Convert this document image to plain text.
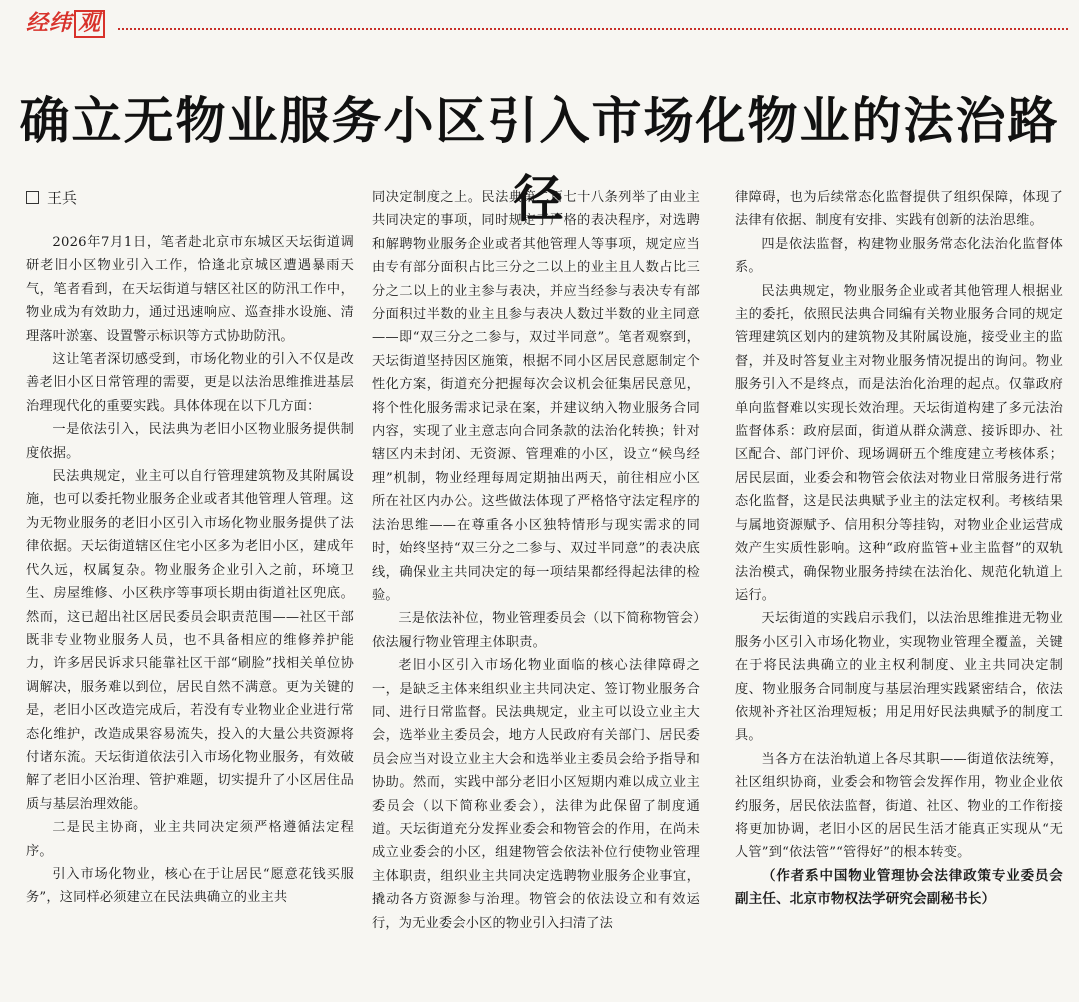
经纬 观
确立无物业服务小区引入市场化物业的法治路径
王兵

2026年7月1日，笔者赴北京市东城区天坛街道调研老旧小区物业引入工作，恰逢北京城区遭遇暴雨天气，笔者看到，在天坛街道与辖区社区的防汛工作中，物业成为有效助力，通过迅速响应、巡查排水设施、清理落叶淤塞、设置警示标识等方式协助防汛。

这让笔者深切感受到，市场化物业的引入不仅是改善老旧小区日常管理的需要，更是以法治思维推进基层治理现代化的重要实践。具体体现在以下几方面：

一是依法引入，民法典为老旧小区物业服务提供制度依据。

民法典规定，业主可以自行管理建筑物及其附属设施，也可以委托物业服务企业或者其他管理人管理。这为无物业服务的老旧小区引入市场化物业服务提供了法律依据。天坛街道辖区住宅小区多为老旧小区，建成年代久远，权属复杂。物业服务企业引入之前，环境卫生、房屋维修、小区秩序等事项长期由街道社区兜底。然而，这已超出社区居民委员会职责范围——社区干部既非专业物业服务人员，也不具备相应的维修养护能力，许多居民诉求只能靠社区干部“刷脸”找相关单位协调解决，服务难以到位，居民自然不满意。更为关键的是，老旧小区改造完成后，若没有专业物业企业进行常态化维护，改造成果容易流失，投入的大量公共资源将付诸东流。天坛街道依法引入市场化物业服务，有效破解了老旧小区治理、管护难题，切实提升了小区居住品质与基层治理效能。

二是民主协商，业主共同决定须严格遵循法定程序。

引入市场化物业，核心在于让居民“愿意花钱买服务”，这同样必须建立在民法典确立的业主共

同决定制度之上。民法典第二百七十八条列举了由业主共同决定的事项，同时规定了严格的表决程序，对选聘和解聘物业服务企业或者其他管理人等事项，规定应当由专有部分面积占比三分之二以上的业主且人数占比三分之二以上的业主参与表决，并应当经参与表决专有部分面积过半数的业主且参与表决人数过半数的业主同意——即“双三分之二参与，双过半同意”。笔者观察到，天坛街道坚持因区施策，根据不同小区居民意愿制定个性化方案，街道充分把握每次会议机会征集居民意见，将个性化服务需求记录在案，并建议纳入物业服务合同内容，实现了业主意志向合同条款的法治化转换；针对辖区内未封闭、无资源、管理难的小区，设立“候鸟经理”机制，物业经理每周定期抽出两天，前往相应小区所在社区内办公。这些做法体现了严格恪守法定程序的法治思维——在尊重各小区独特情形与现实需求的同时，始终坚持“双三分之二参与、双过半同意”的表决底线，确保业主共同决定的每一项结果都经得起法律的检验。

三是依法补位，物业管理委员会（以下简称物管会）依法履行物业管理主体职责。

老旧小区引入市场化物业面临的核心法律障碍之一，是缺乏主体来组织业主共同决定、签订物业服务合同、进行日常监督。民法典规定，业主可以设立业主大会，选举业主委员会，地方人民政府有关部门、居民委员会应当对设立业主大会和选举业主委员会给予指导和协助。然而，实践中部分老旧小区短期内难以成立业主委员会（以下简称业委会），法律为此保留了制度通道。天坛街道充分发挥业委会和物管会的作用，在尚未成立业委会的小区，组建物管会依法补位行使物业管理主体职责，组织业主共同决定选聘物业服务企业事宜，撬动各方资源参与治理。物管会的依法设立和有效运行，为无业委会小区的物业引入扫清了法

律障碍，也为后续常态化监督提供了组织保障，体现了法律有依据、制度有安排、实践有创新的法治思维。

四是依法监督，构建物业服务常态化法治化监督体系。

民法典规定，物业服务企业或者其他管理人根据业主的委托，依照民法典合同编有关物业服务合同的规定管理建筑区划内的建筑物及其附属设施，接受业主的监督，并及时答复业主对物业服务情况提出的询问。物业服务引入不是终点，而是法治化治理的起点。仅靠政府单向监督难以实现长效治理。天坛街道构建了多元法治监督体系：政府层面，街道从群众满意、接诉即办、社区配合、部门评价、现场调研五个维度建立考核体系；居民层面，业委会和物管会依法对物业日常服务进行常态化监督，这是民法典赋予业主的法定权利。考核结果与属地资源赋予、信用积分等挂钩，对物业企业运营成效产生实质性影响。这种“政府监管+业主监督”的双轨法治模式，确保物业服务持续在法治化、规范化轨道上运行。

天坛街道的实践启示我们，以法治思维推进无物业服务小区引入市场化物业，实现物业管理全覆盖，关键在于将民法典确立的业主权利制度、业主共同决定制度、物业服务合同制度与基层治理实践紧密结合，依法依规补齐社区治理短板；用足用好民法典赋予的制度工具。

当各方在法治轨道上各尽其职——街道依法统筹，社区组织协商，业委会和物管会发挥作用，物业企业依约服务，居民依法监督，街道、社区、物业的工作衔接将更加协调，老旧小区的居民生活才能真正实现从“无人管”到“依法管”“管得好”的根本转变。

（作者系中国物业管理协会法律政策专业委员会副主任、北京市物权法学研究会副秘书长）
